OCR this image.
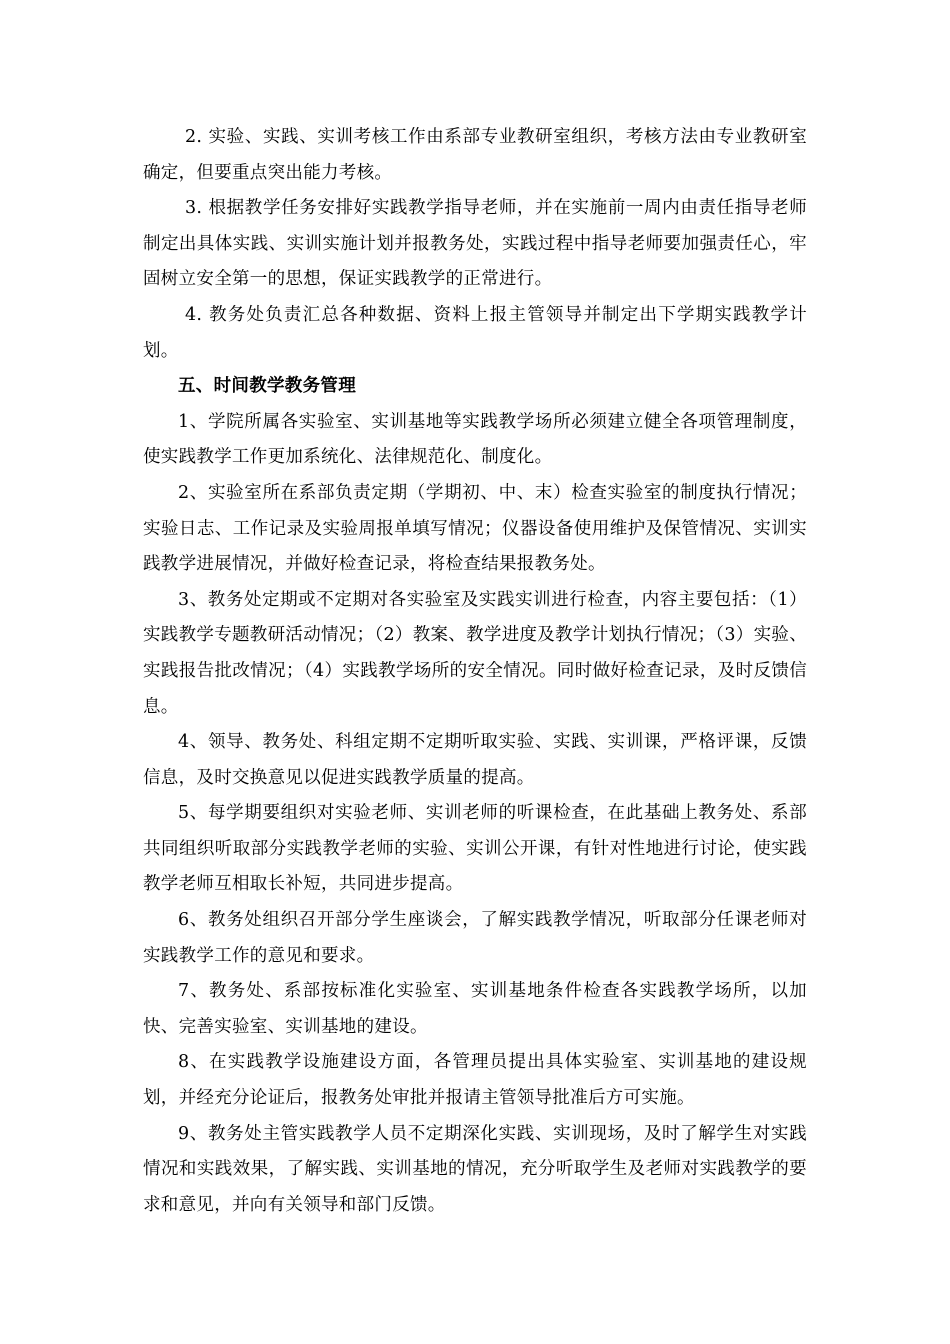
2. 实验、实践、实训考核工作由系部专业教研室组织，考核方法由专业教研室确定，但要重点突出能力考核。

3. 根据教学任务安排好实践教学指导老师，并在实施前一周内由责任指导老师制定出具体实践、实训实施计划并报教务处，实践过程中指导老师要加强责任心，牢固树立安全第一的思想，保证实践教学的正常进行。

4. 教务处负责汇总各种数据、资料上报主管领导并制定出下学期实践教学计划。

五、时间教学教务管理

1、学院所属各实验室、实训基地等实践教学场所必须建立健全各项管理制度，使实践教学工作更加系统化、法律规范化、制度化。

2、实验室所在系部负责定期（学期初、中、末）检查实验室的制度执行情况；实验日志、工作记录及实验周报单填写情况；仪器设备使用维护及保管情况、实训实践教学进展情况，并做好检查记录，将检查结果报教务处。

3、教务处定期或不定期对各实验室及实践实训进行检查，内容主要包括：（1）实践教学专题教研活动情况；（2）教案、教学进度及教学计划执行情况；（3）实验、实践报告批改情况；（4）实践教学场所的安全情况。同时做好检查记录，及时反馈信息。

4、领导、教务处、科组定期不定期听取实验、实践、实训课，严格评课，反馈信息，及时交换意见以促进实践教学质量的提高。

5、每学期要组织对实验老师、实训老师的听课检查，在此基础上教务处、系部共同组织听取部分实践教学老师的实验、实训公开课，有针对性地进行讨论，使实践教学老师互相取长补短，共同进步提高。

6、教务处组织召开部分学生座谈会，了解实践教学情况，听取部分任课老师对实践教学工作的意见和要求。

7、教务处、系部按标准化实验室、实训基地条件检查各实践教学场所，以加快、完善实验室、实训基地的建设。

8、在实践教学设施建设方面，各管理员提出具体实验室、实训基地的建设规划，并经充分论证后，报教务处审批并报请主管领导批准后方可实施。

9、教务处主管实践教学人员不定期深化实践、实训现场，及时了解学生对实践情况和实践效果，了解实践、实训基地的情况，充分听取学生及老师对实践教学的要求和意见，并向有关领导和部门反馈。
